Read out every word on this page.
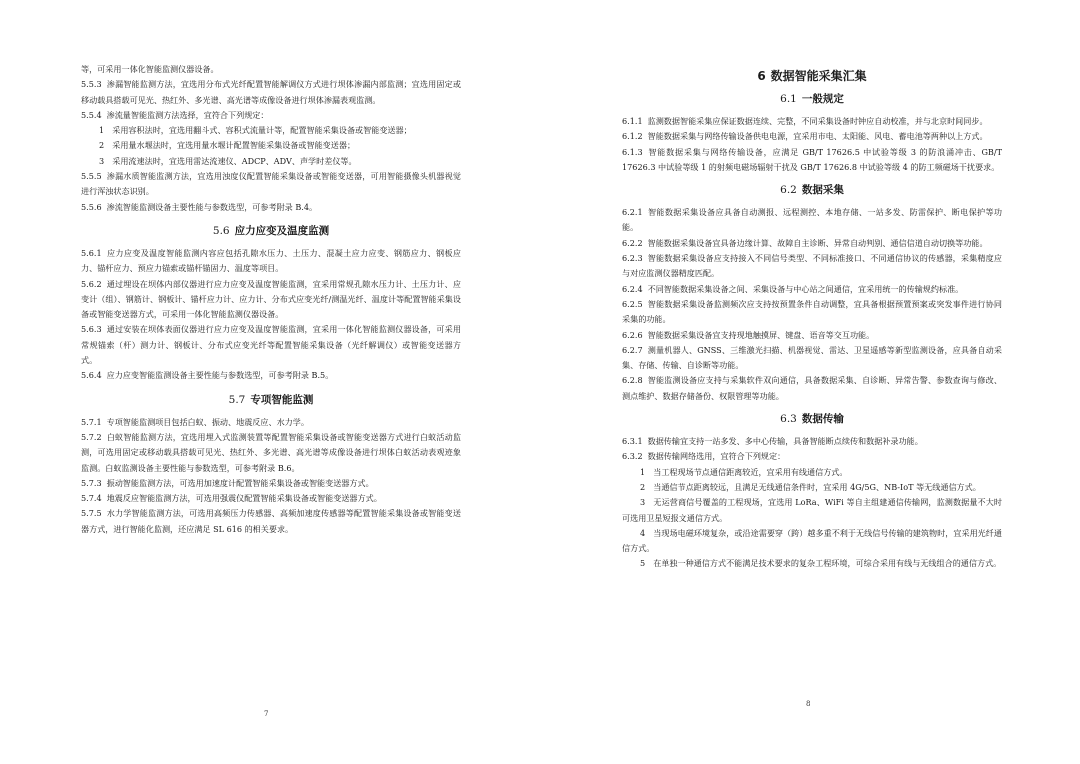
等，可采用一体化智能监测仪器设备。

5.5.3 渗漏智能监测方法，宜选用分布式光纤配置智能解调仪方式进行坝体渗漏内部监测；宜选用固定或移动载具搭载可见光、热红外、多光谱、高光谱等成像设备进行坝体渗漏表观监测。

5.5.4 渗流量智能监测方法选择，宜符合下列规定：

1　采用容积法时，宜选用翻斗式、容积式流量计等，配置智能采集设备或智能变送器；

2　采用量水堰法时，宜选用量水堰计配置智能采集设备或智能变送器；

3　采用流速法时，宜选用雷达流速仪、ADCP、ADV、声学时差仪等。

5.5.5 渗漏水质智能监测方法，宜选用浊度仪配置智能采集设备或智能变送器，可用智能摄像头机器视觉进行浑浊状态识别。

5.5.6 渗流智能监测设备主要性能与参数选型，可参考附录 B.4。

5.6 应力应变及温度监测

5.6.1 应力应变及温度智能监测内容应包括孔隙水压力、土压力、混凝土应力应变、钢筋应力、钢板应力、锚杆应力、预应力锚索或锚杆锚固力、温度等项目。

5.6.2 通过埋设在坝体内部仪器进行应力应变及温度智能监测，宜采用常规孔隙水压力计、土压力计、应变计（组）、钢筋计、钢板计、锚杆应力计、应力计、分布式应变光纤/测温光纤、温度计等配置智能采集设备或智能变送器方式，可采用一体化智能监测仪器设备。

5.6.3 通过安装在坝体表面仪器进行应力应变及温度智能监测，宜采用一体化智能监测仪器设备，可采用常规锚索（杆）测力计、钢板计、分布式应变光纤等配置智能采集设备（光纤解调仪）或智能变送器方式。

5.6.4 应力应变智能监测设备主要性能与参数选型，可参考附录 B.5。

5.7 专项智能监测

5.7.1 专项智能监测项目包括白蚁、振动、地震反应、水力学。

5.7.2 白蚁智能监测方法，宜选用埋入式监测装置等配置智能采集设备或智能变送器方式进行白蚁活动监测，可选用固定或移动载具搭载可见光、热红外、多光谱、高光谱等成像设备进行坝体白蚁活动表观迹象监测。白蚁监测设备主要性能与参数选型，可参考附录 B.6。

5.7.3 振动智能监测方法，可选用加速度计配置智能采集设备或智能变送器方式。

5.7.4 地震反应智能监测方法，可选用强震仪配置智能采集设备或智能变送器方式。

5.7.5 水力学智能监测方法，可选用高频压力传感器、高频加速度传感器等配置智能采集设备或智能变送器方式，进行智能化监测，还应满足 SL 616 的相关要求。

7
6 数据智能采集汇集
6.1 一般规定

6.1.1 监测数据智能采集应保证数据连续、完整，不同采集设备时钟应自动校准，并与北京时间同步。

6.1.2 智能数据采集与网络传输设备供电电源，宜采用市电、太阳能、风电、蓄电池等两种以上方式。

6.1.3 智能数据采集与网络传输设备，应满足 GB/T 17626.5 中试验等级 3 的防浪涌冲击、GB/T 17626.3 中试验等级 1 的射频电磁场辐射干扰及 GB/T 17626.8 中试验等级 4 的防工频磁场干扰要求。

6.2 数据采集

6.2.1 智能数据采集设备应具备自动测报、远程测控、本地存储、一站多发、防雷保护、断电保护等功能。

6.2.2 智能数据采集设备宜具备边缘计算、故障自主诊断、异常自动判别、通信信道自动切换等功能。

6.2.3 智能数据采集设备应支持接入不同信号类型、不同标准接口、不同通信协议的传感器，采集精度应与对应监测仪器精度匹配。

6.2.4 不同智能数据采集设备之间、采集设备与中心站之间通信，宜采用统一的传输规约标准。

6.2.5 智能数据采集设备监测频次应支持按预置条件自动调整，宜具备根据预置预案或突发事件进行协同采集的功能。

6.2.6 智能数据采集设备宜支持现地触摸屏、键盘、语音等交互功能。

6.2.7 测量机器人、GNSS、三维激光扫描、机器视觉、雷达、卫星遥感等新型监测设备，应具备自动采集、存储、传输、自诊断等功能。

6.2.8 智能监测设备应支持与采集软件双向通信，具备数据采集、自诊断、异常告警、参数查询与修改、测点维护、数据存储备份、权限管理等功能。

6.3 数据传输

6.3.1 数据传输宜支持一站多发、多中心传输，具备智能断点续传和数据补录功能。

6.3.2 数据传输网络选用，宜符合下列规定：

1　当工程现场节点通信距离较近，宜采用有线通信方式。

2　当通信节点距离较远，且满足无线通信条件时，宜采用 4G/5G、NB-IoT 等无线通信方式。

3　无运营商信号覆盖的工程现场，宜选用 LoRa、WiFi 等自主组建通信传输网，监测数据量不大时可选用卫星短报文通信方式。

4　当现场电磁环境复杂，或沿途需要穿（跨）越多重不利于无线信号传输的建筑物时，宜采用光纤通信方式。

5　在单独一种通信方式不能满足技术要求的复杂工程环境，可综合采用有线与无线组合的通信方式。

8
